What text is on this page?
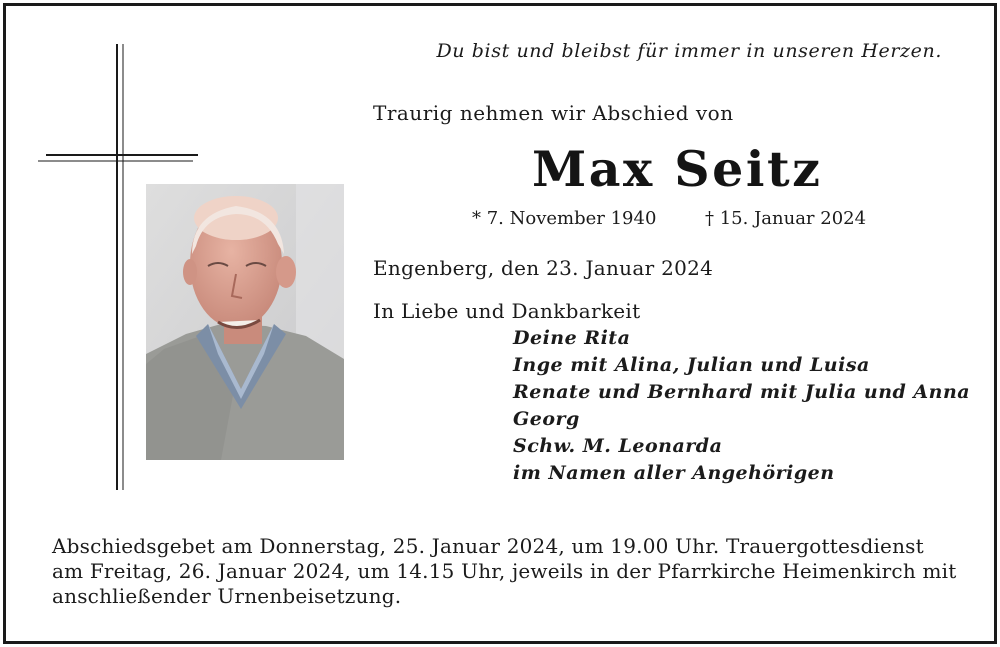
Du bist und bleibst für immer in unseren Herzen.
Traurig nehmen wir Abschied von
Max Seitz
* 7. November 1940	† 15. Januar 2024
Engenberg, den 23. Januar 2024
In Liebe und Dankbarkeit
Deine Rita
Inge mit Alina, Julian und Luisa
Renate und Bernhard mit Julia und Anna
Georg
Schw. M. Leonarda
im Namen aller Angehörigen
Abschiedsgebet am Donnerstag, 25. Januar 2024, um 19.00 Uhr. Trauergottesdienst
am Freitag, 26. Januar 2024, um 14.15 Uhr, jeweils in der Pfarrkirche Heimenkirch mit
anschließender Urnenbeisetzung.
